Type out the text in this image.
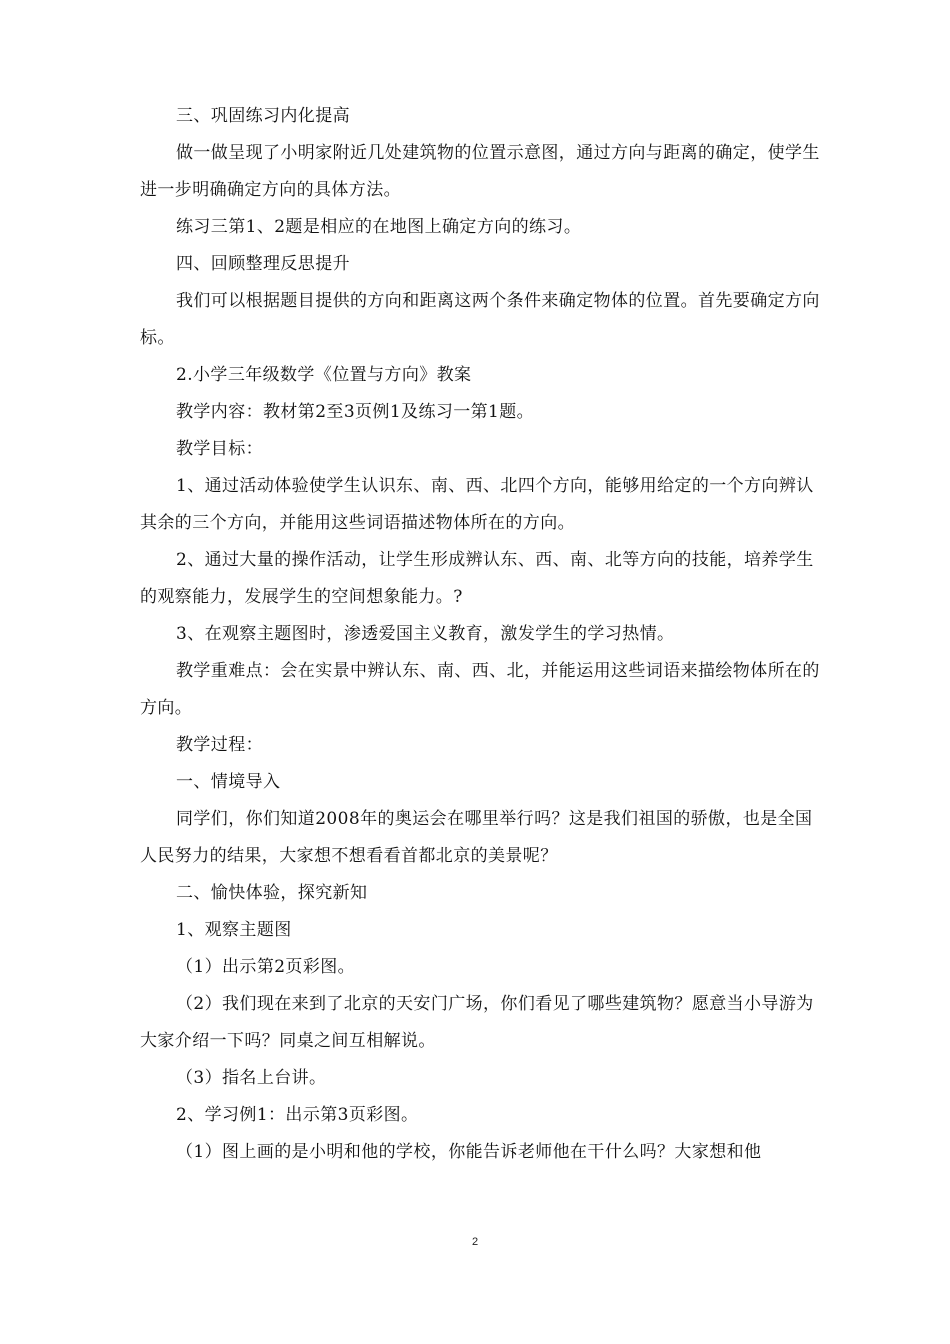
三、巩固练习内化提高

做一做呈现了小明家附近几处建筑物的位置示意图，通过方向与距离的确定，使学生进一步明确确定方向的具体方法。

练习三第1、2题是相应的在地图上确定方向的练习。

四、回顾整理反思提升

我们可以根据题目提供的方向和距离这两个条件来确定物体的位置。首先要确定方向标。

2.小学三年级数学《位置与方向》教案

教学内容：教材第2至3页例1及练习一第1题。

教学目标：

1、通过活动体验使学生认识东、南、西、北四个方向，能够用给定的一个方向辨认其余的三个方向，并能用这些词语描述物体所在的方向。

2、通过大量的操作活动，让学生形成辨认东、西、南、北等方向的技能，培养学生的观察能力，发展学生的空间想象能力。?

3、在观察主题图时，渗透爱国主义教育，激发学生的学习热情。

教学重难点：会在实景中辨认东、南、西、北，并能运用这些词语来描绘物体所在的方向。

教学过程：

一、情境导入

同学们，你们知道2008年的奥运会在哪里举行吗？这是我们祖国的骄傲，也是全国人民努力的结果，大家想不想看看首都北京的美景呢？

二、愉快体验，探究新知

1、观察主题图

（1）出示第2页彩图。

（2）我们现在来到了北京的天安门广场，你们看见了哪些建筑物？愿意当小导游为大家介绍一下吗？同桌之间互相解说。

（3）指名上台讲。

2、学习例1：出示第3页彩图。

（1）图上画的是小明和他的学校，你能告诉老师他在干什么吗？大家想和他

2
